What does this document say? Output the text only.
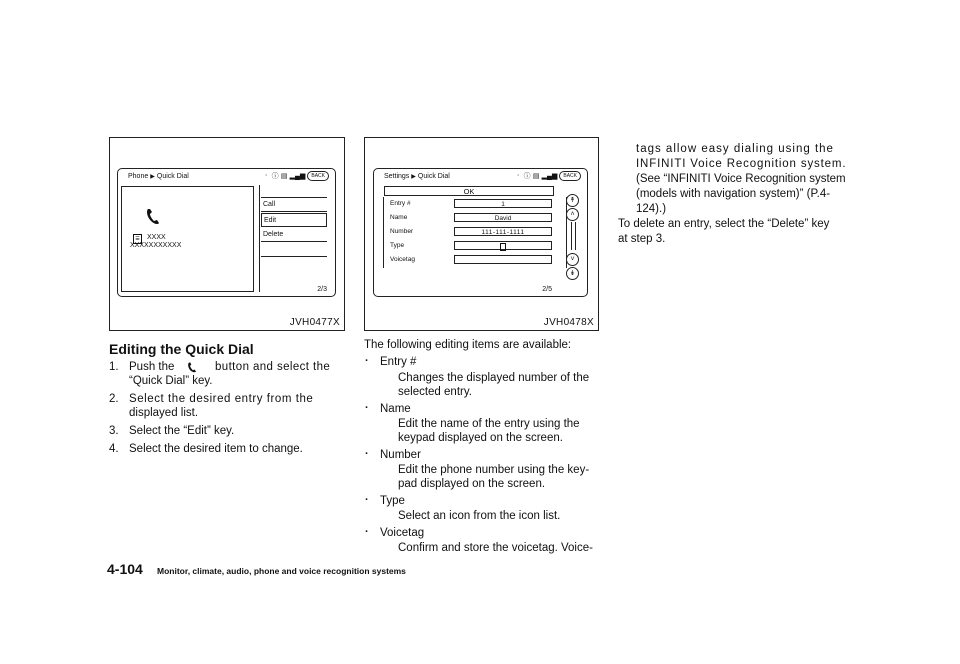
Phone ▶ Quick Dial	᛫ ⓘ ▤ ▂▄▆	BACK
☰	XXXX
XXXXXXXXXXX
Call
Edit
Delete
2/3
JVH0477X
Settings ▶ Quick Dial	᛫ ⓘ ▤ ▂▄▆	BACK
OK
Entry #	1
Name	David
Number	111-111-1111
Type
Voicetag
↟
˄
˅
↡
2/5
JVH0478X
Editing the Quick Dial
1. Push the	button and select the
“Quick Dial” key.
2. Select the desired entry from the
displayed list.
3. Select the “Edit” key.
4. Select the desired item to change.
The following editing items are available:
. Entry #
Changes the displayed number of the
selected entry.
. Name
Edit the name of the entry using the
keypad displayed on the screen.
. Number
Edit the phone number using the key-
pad displayed on the screen.
. Type
Select an icon from the icon list.
. Voicetag
Confirm and store the voicetag. Voice-
tags allow easy dialing using the
INFINITI Voice Recognition system.
(See “INFINITI Voice Recognition system
(models with navigation system)” (P.4-
124).)
To delete an entry, select the “Delete” key
at step 3.
4-104 Monitor, climate, audio, phone and voice recognition systems
